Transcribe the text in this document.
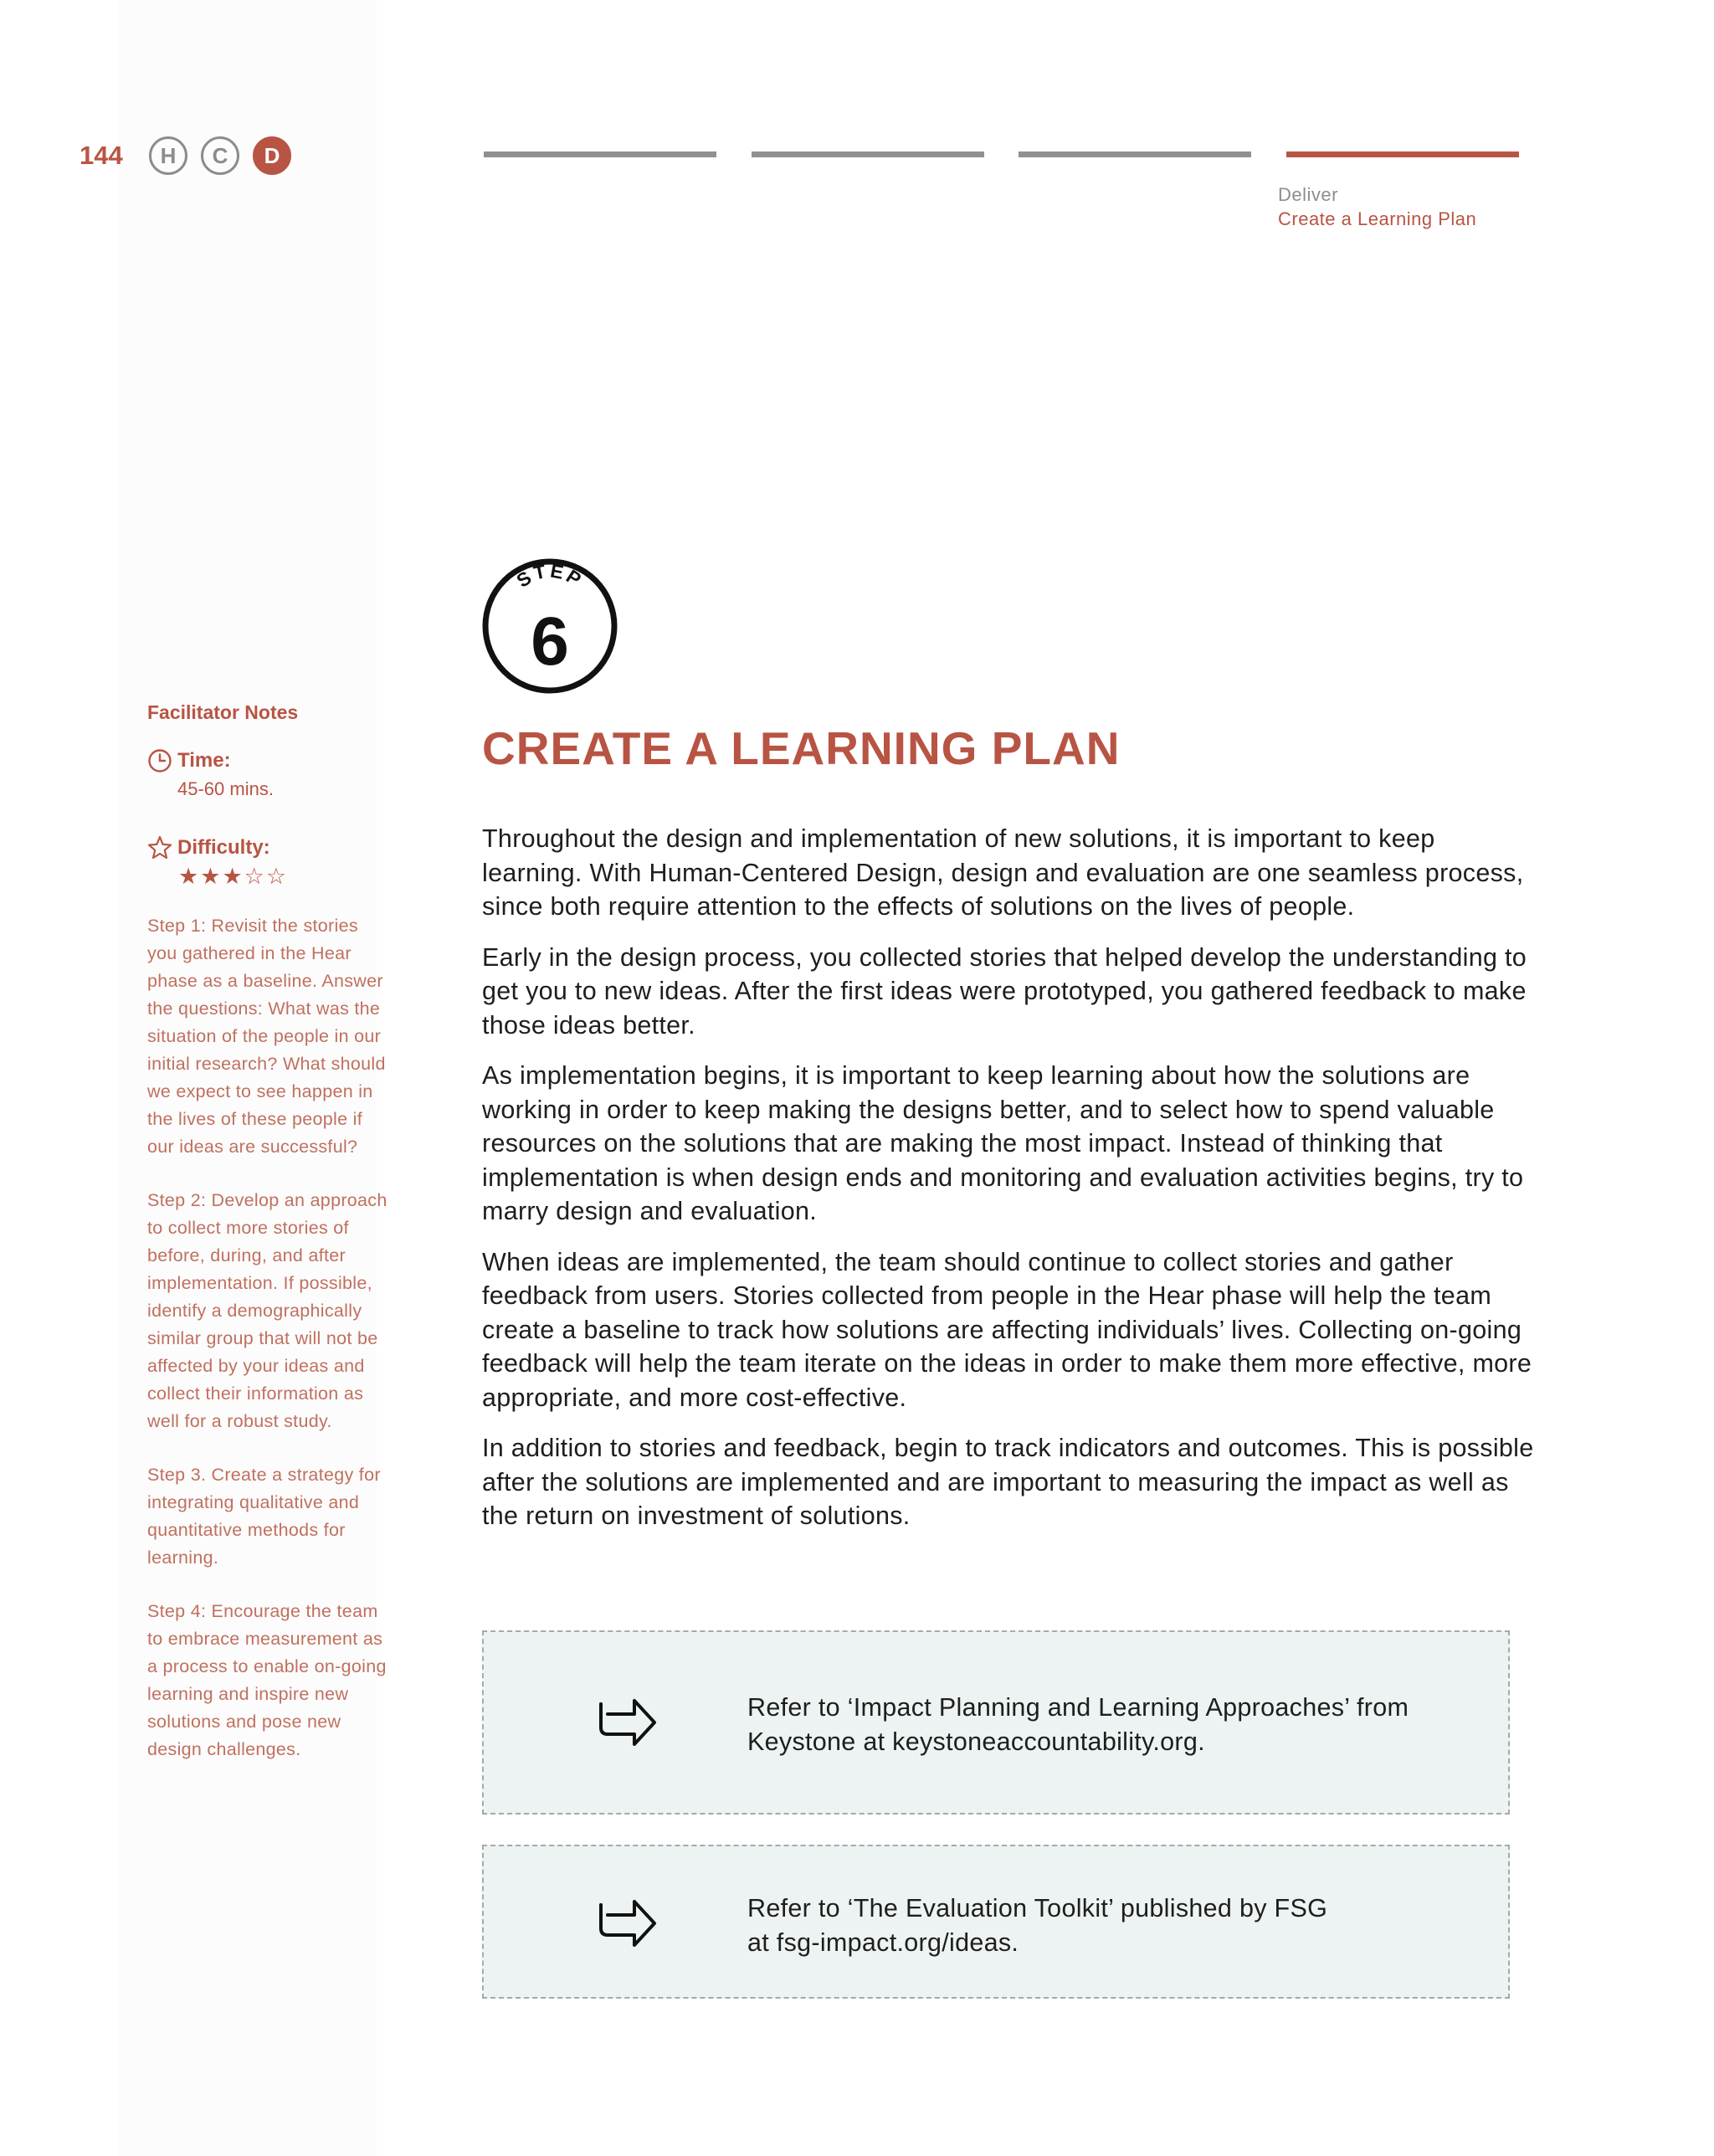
144	H	C	D
Deliver
Create a Learning Plan
STEP
6
CREATE A LEARNING PLAN

Throughout the design and implementation of new solutions, it is important to keep learning. With Human-Centered Design, design and evaluation are one seamless process, since both require attention to the effects of solutions on the lives of people.

Early in the design process, you collected stories that helped develop the understanding to get you to new ideas. After the first ideas were prototyped, you gathered feedback to make those ideas better.

As implementation begins, it is important to keep learning about how the solutions are working in order to keep making the designs better, and to select how to spend valuable resources on the solutions that are making the most impact. Instead of thinking that implementation is when design ends and monitoring and evaluation activities begins, try to marry design and evaluation.

When ideas are implemented, the team should continue to collect stories and gather feedback from users. Stories collected from people in the Hear phase will help the team create a baseline to track how solutions are affecting individuals’ lives. Collecting on-going feedback will help the team iterate on the ideas in order to make them more effective, more appropriate, and more cost-effective.

In addition to stories and feedback, begin to track indicators and outcomes. This is possible after the solutions are implemented and are important to measuring the impact as well as the return on investment of solutions.

Facilitator Notes
Time:
45-60 mins.
Difficulty:
★★★☆☆

Step 1: Revisit the stories you gathered in the Hear phase as a baseline. Answer the questions: What was the situation of the people in our initial research? What should we expect to see happen in the lives of these people if our ideas are successful?

Step 2: Develop an approach to collect more stories of before, during, and after implementation. If possible, identify a demographically similar group that will not be affected by your ideas and collect their information as well for a robust study.

Step 3. Create a strategy for integrating qualitative and quantitative methods for learning.

Step 4: Encourage the team to embrace measurement as a process to enable on-going learning and inspire new solutions and pose new design challenges.

Refer to ‘Impact Planning and Learning Approaches’ from Keystone at keystoneaccountability.org.
Refer to ‘The Evaluation Toolkit’ published by FSG at fsg-impact.org/ideas.
